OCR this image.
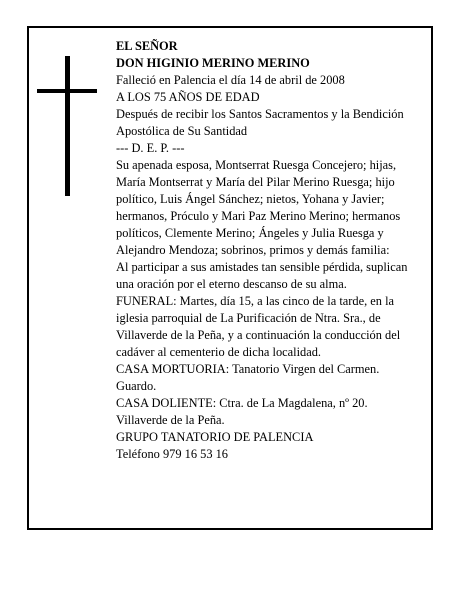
EL SEÑOR

DON HIGINIO MERINO MERINO

Falleció en Palencia el día 14 de abril de 2008

A LOS 75 AÑOS DE EDAD

Después de recibir los Santos Sacramentos y la Bendición Apostólica de Su Santidad

--- D. E. P. ---

Su apenada esposa, Montserrat Ruesga Concejero; hijas, María Montserrat y María del Pilar Merino Ruesga; hijo político, Luis Ángel Sánchez; nietos, Yohana y Javier; hermanos, Próculo y Mari Paz Merino Merino; hermanos políticos, Clemente Merino; Ángeles y Julia Ruesga y Alejandro Mendoza; sobrinos, primos y demás familia:

Al participar a sus amistades tan sensible pérdida, suplican una oración por el eterno descanso de su alma.

FUNERAL: Martes, día 15, a las cinco de la tarde, en la iglesia parroquial de La Purificación de Ntra. Sra., de Villaverde de la Peña, y a continuación la conducción del cadáver al cementerio de dicha localidad.

CASA MORTUORIA: Tanatorio Virgen del Carmen. Guardo.

CASA DOLIENTE: Ctra. de La Magdalena, nº 20. Villaverde de la Peña.

GRUPO TANATORIO DE PALENCIA

Teléfono 979 16 53 16
